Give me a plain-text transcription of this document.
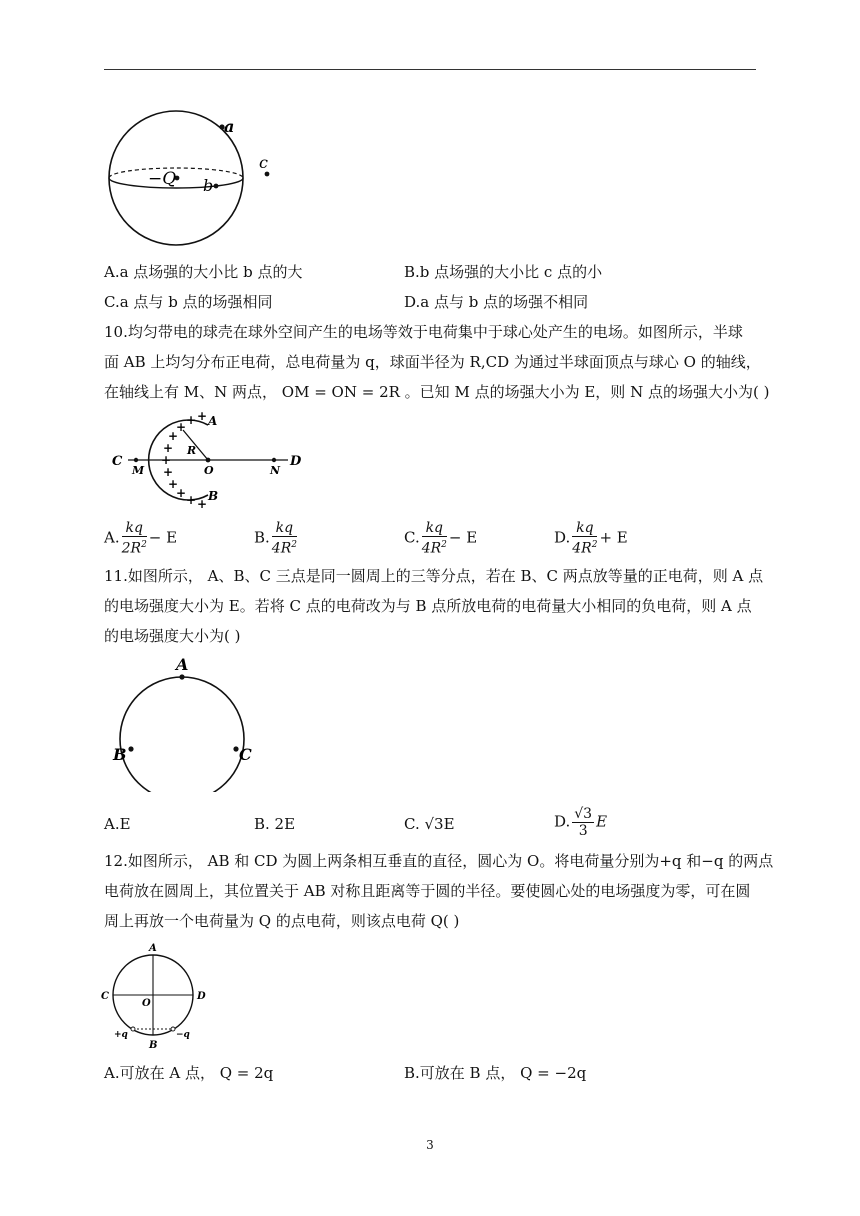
a
−Q b
c
A.a 点场强的大小比 b 点的大	B.b 点场强的大小比 c 点的小
C.a 点与 b 点的场强相同	D.a 点与 b 点的场强不相同
10.均匀带电的球壳在球外空间产生的电场等效于电荷集中于球心处产生的电场。如图所示，半球
面 AB 上均匀分布正电荷，总电荷量为 q，球面半径为 R,CD 为通过半球面顶点与球心 O 的轴线，
在轴线上有 M、N 两点， OM = ON = 2R 。已知 M 点的场强大小为 E，则 N 点的场强大小为( )
C	D
M	N
O
R
A
B
+
+
+
+
+
+
+
+
+ + +
A. $\frac{kq}{2R^2} - E$	B. $\frac{kq}{4R^2}$	C. $\frac{kq}{4R^2} - E$	D. $\frac{kq}{4R^2} + E$
11.如图所示， A、B、C 三点是同一圆周上的三等分点，若在 B、C 两点放等量的正电荷，则 A 点
的电场强度大小为 E。若将 C 点的电荷改为与 B 点所放电荷的电荷量大小相同的负电荷，则 A 点
的电场强度大小为( )
A
B	C
A.E	B. 2E	C. √3E	D. $\frac{√3}{3}$ E
12.如图所示， AB 和 CD 为圆上两条相互垂直的直径，圆心为 O。将电荷量分别为+q 和−q 的两点
电荷放在圆周上，其位置关于 AB 对称且距离等于圆的半径。要使圆心处的电场强度为零，可在圆
周上再放一个电荷量为 Q 的点电荷，则该点电荷 Q( )
A
B
C	D
O
+q	−q
A.可放在 A 点， Q = 2q	B.可放在 B 点， Q = −2q
3
